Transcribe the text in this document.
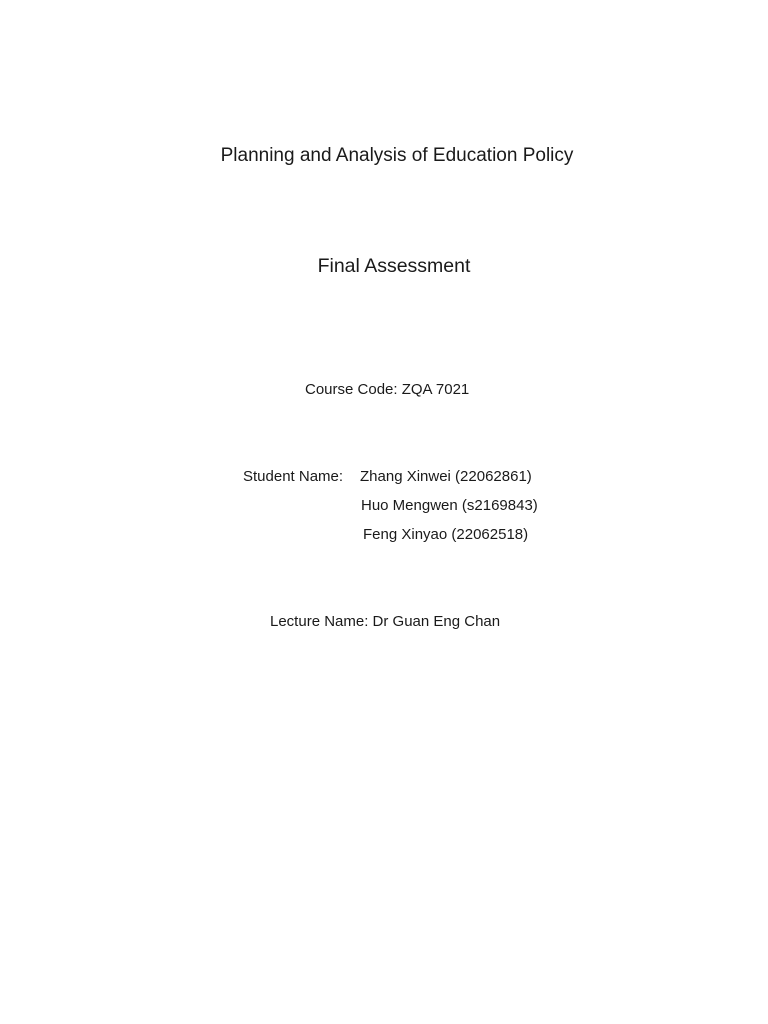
Planning and Analysis of Education Policy
Final Assessment
Course Code: ZQA 7021
Student Name: Zhang Xinwei (22062861)
Huo Mengwen (s2169843)
Feng Xinyao (22062518)
Lecture Name: Dr Guan Eng Chan
